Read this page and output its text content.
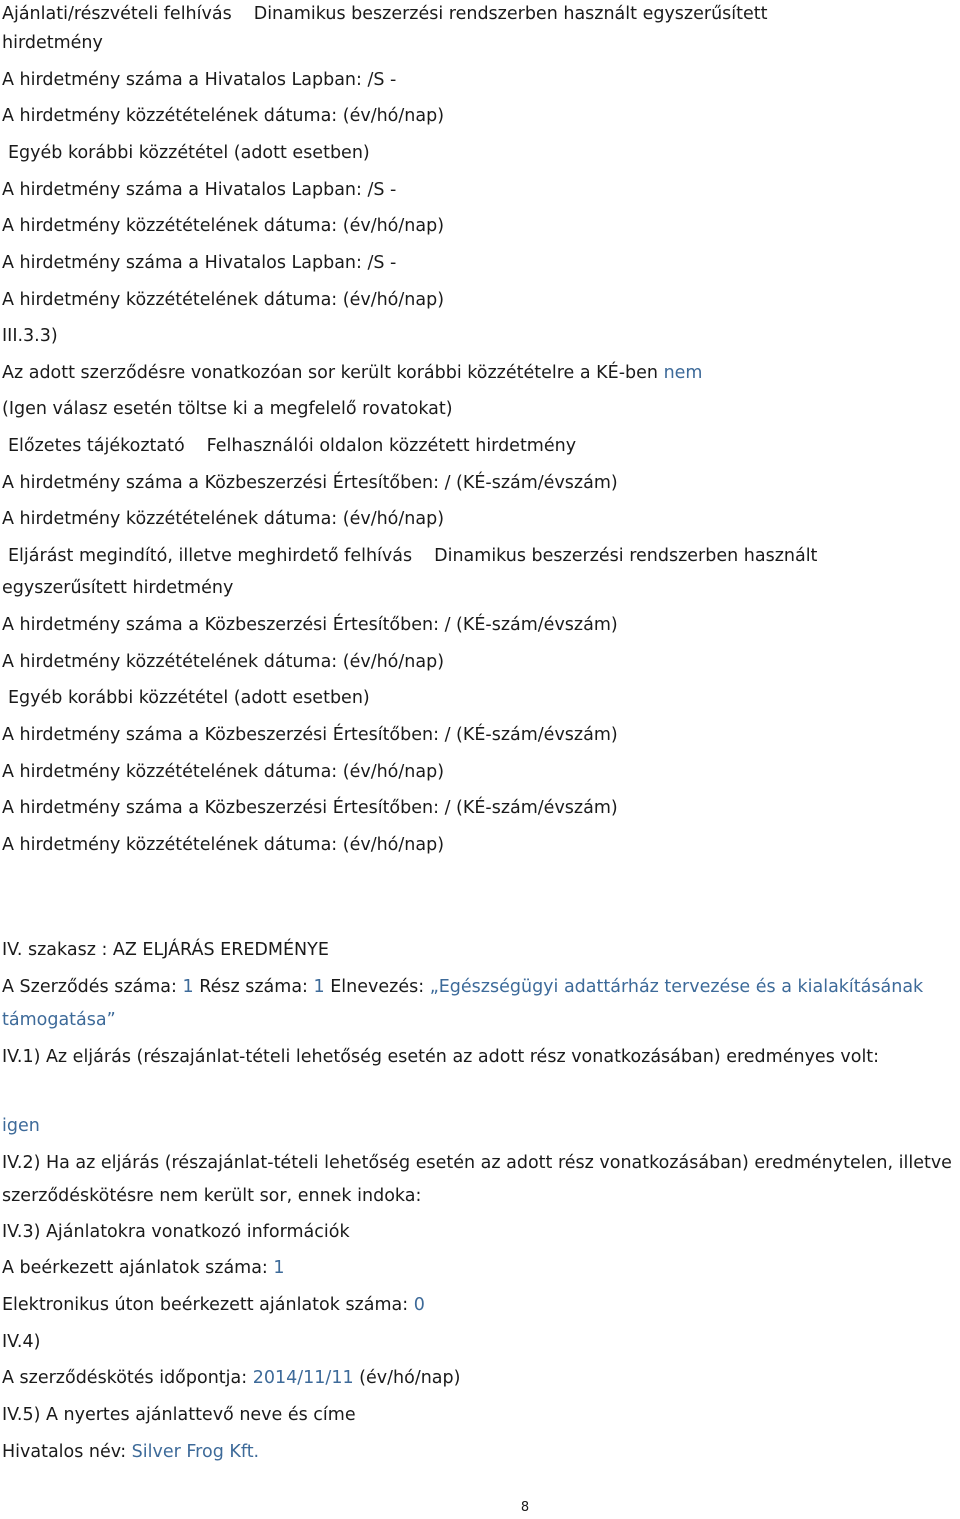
Ajánlati/részvételi felhívás Dinamikus beszerzési rendszerben használt egyszerűsített
hirdetmény
A hirdetmény száma a Hivatalos Lapban: /S -
A hirdetmény közzétételének dátuma: (év/hó/nap)
Egyéb korábbi közzététel (adott esetben)
A hirdetmény száma a Hivatalos Lapban: /S -
A hirdetmény közzétételének dátuma: (év/hó/nap)
A hirdetmény száma a Hivatalos Lapban: /S -
A hirdetmény közzétételének dátuma: (év/hó/nap)
III.3.3)
Az adott szerződésre vonatkozóan sor került korábbi közzétételre a KÉ-ben nem
(Igen válasz esetén töltse ki a megfelelő rovatokat)
Előzetes tájékoztató Felhasználói oldalon közzétett hirdetmény
A hirdetmény száma a Közbeszerzési Értesítőben: / (KÉ-szám/évszám)
A hirdetmény közzétételének dátuma: (év/hó/nap)
Eljárást megindító, illetve meghirdető felhívás Dinamikus beszerzési rendszerben használt
egyszerűsített hirdetmény
A hirdetmény száma a Közbeszerzési Értesítőben: / (KÉ-szám/évszám)
A hirdetmény közzétételének dátuma: (év/hó/nap)
Egyéb korábbi közzététel (adott esetben)
A hirdetmény száma a Közbeszerzési Értesítőben: / (KÉ-szám/évszám)
A hirdetmény közzétételének dátuma: (év/hó/nap)
A hirdetmény száma a Közbeszerzési Értesítőben: / (KÉ-szám/évszám)
A hirdetmény közzétételének dátuma: (év/hó/nap)
IV. szakasz : AZ ELJÁRÁS EREDMÉNYE
A Szerződés száma: 1 Rész száma: 1 Elnevezés: „Egészségügyi adattárház tervezése és a kialakításának támogatása”
IV.1) Az eljárás (részajánlat-tételi lehetőség esetén az adott rész vonatkozásában) eredményes volt:
igen
IV.2) Ha az eljárás (részajánlat-tételi lehetőség esetén az adott rész vonatkozásában) eredménytelen, illetve szerződéskötésre nem került sor, ennek indoka:
IV.3) Ajánlatokra vonatkozó információk
A beérkezett ajánlatok száma: 1
Elektronikus úton beérkezett ajánlatok száma: 0
IV.4)
A szerződéskötés időpontja: 2014/11/11 (év/hó/nap)
IV.5) A nyertes ajánlattevő neve és címe
Hivatalos név: Silver Frog Kft.
8
